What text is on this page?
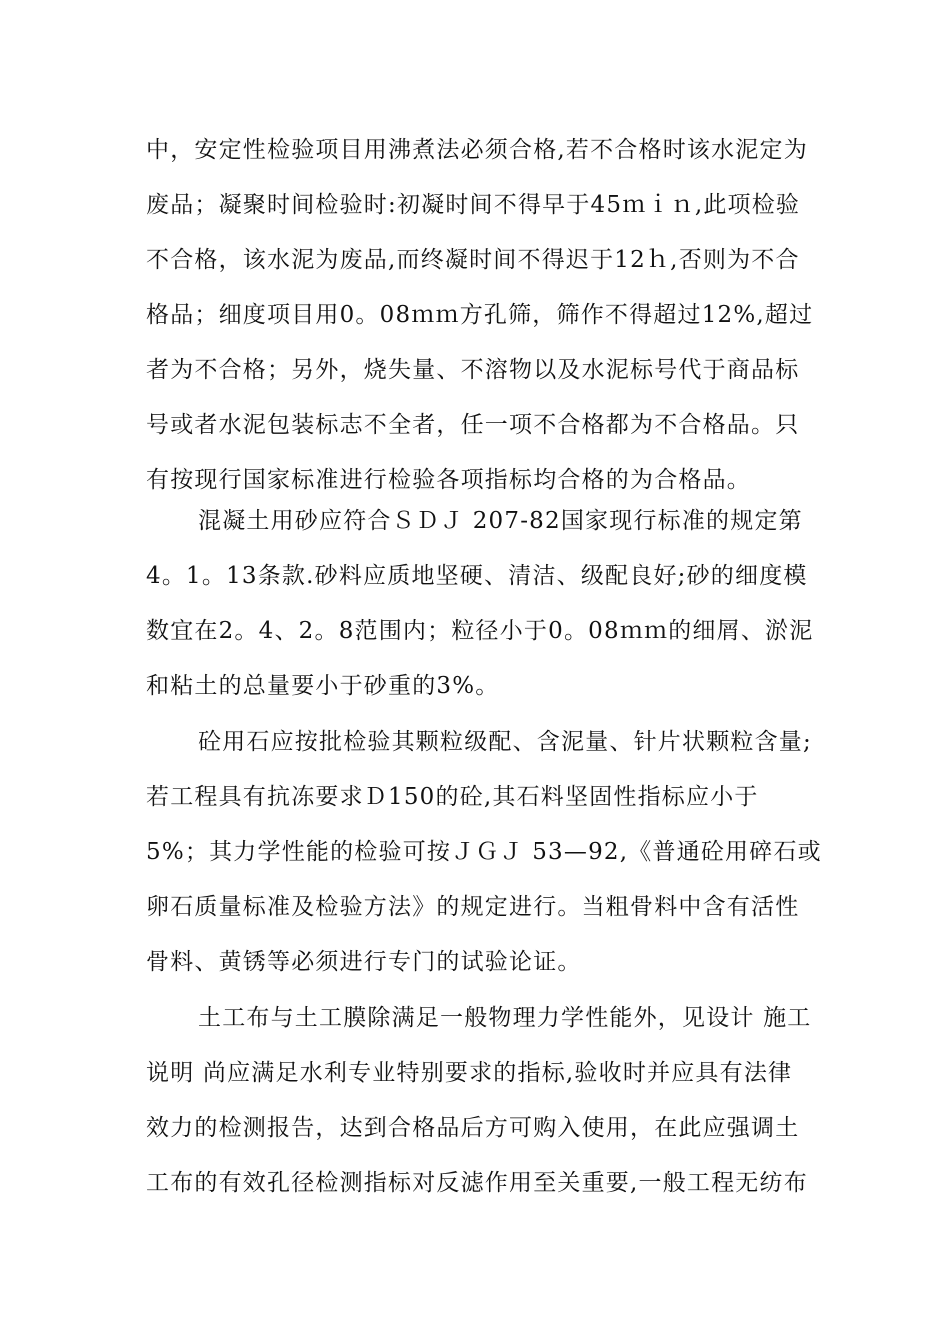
中，安定性检验项目用沸煮法必须合格,若不合格时该水泥定为
废品；凝聚时间检验时:初凝时间不得早于45ｍｉｎ,此项检验
不合格，该水泥为废品,而终凝时间不得迟于12ｈ,否则为不合
格品；细度项目用0。08ｍｍ方孔筛，筛作不得超过12%,超过
者为不合格；另外，烧失量、不溶物以及水泥标号代于商品标
号或者水泥包装标志不全者，任一项不合格都为不合格品。只
有按现行国家标准进行检验各项指标均合格的为合格品。
混凝土用砂应符合ＳＤＪ 207-82国家现行标准的规定第
4。1。13条款.砂料应质地坚硬、清洁、级配良好;砂的细度模
数宜在2。4、2。8范围内；粒径小于0。08ｍｍ的细屑、淤泥
和粘土的总量要小于砂重的3%。
砼用石应按批检验其颗粒级配、含泥量、针片状颗粒含量;
若工程具有抗冻要求Ｄ150的砼,其石料坚固性指标应小于
5%；其力学性能的检验可按ＪＧＪ 53—92,《普通砼用碎石或
卵石质量标准及检验方法》的规定进行。当粗骨料中含有活性
骨料、黄锈等必须进行专门的试验论证。
土工布与土工膜除满足一般物理力学性能外，见设计 施工
说明 尚应满足水利专业特别要求的指标,验收时并应具有法律
效力的检测报告，达到合格品后方可购入使用，在此应强调土
工布的有效孔径检测指标对反滤作用至关重要,一般工程无纺布
